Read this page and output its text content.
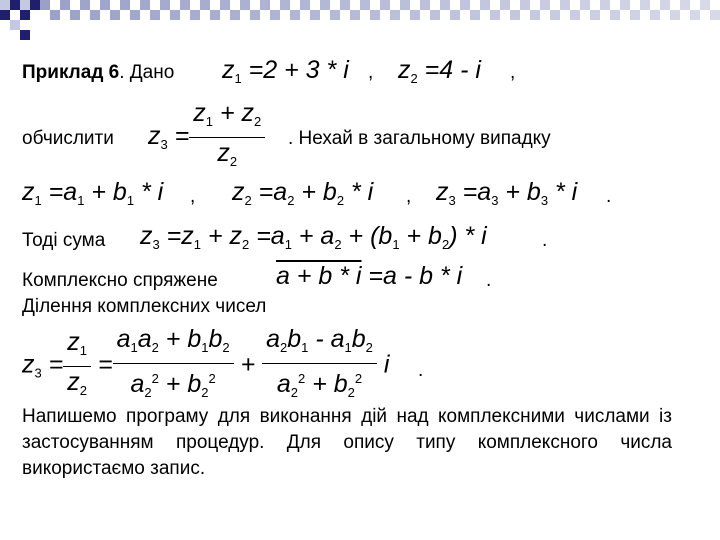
Приклад 6. Дано $z_1 =2 + 3 * i$ , $z_2 =4 - i$ ,
обчислити $z_3 = \frac{z_1 + z_2}{z_2}$ . Нехай в загальному випадку
$z_1 =a_1 + b_1 * i$ , $z_2 =a_2 + b_2 * i$ , $z_3 =a_3 + b_3 * i$ .
Тоді сума $z_3 =z_1 + z_2 =a_1 + a_2 + (b_1 + b_2) * i$	.
Комплексно спряжене a + b * i =a - b * i .
Ділення комплексних чисел
$z_3 = \frac{z_1}{z_2} = \frac{a_1a_2 + b_1b_2}{a_2^2 + b_2^2} + \frac{a_2b_1 - a_1b_2}{a_2^2 + b_2^2}$ i .
Напишемо програму для виконання дій над комплексними числами із застосуванням процедур. Для опису типу комплексного числа використаємо запис.
